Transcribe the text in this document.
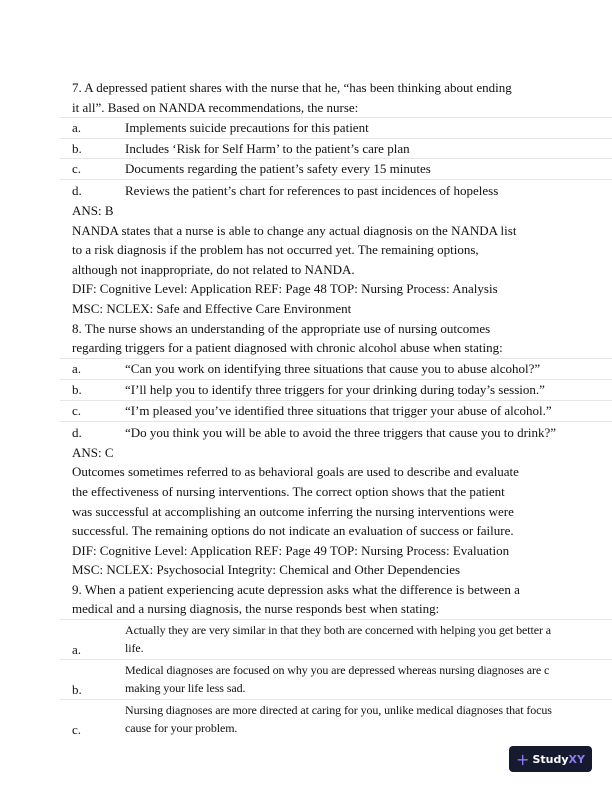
7. A depressed patient shares with the nurse that he, “has been thinking about ending
it all”. Based on NANDA recommendations, the nurse:
a.	Implements suicide precautions for this patient
b.	Includes ‘Risk for Self Harm’ to the patient’s care plan
c.	Documents regarding the patient’s safety every 15 minutes
d.	Reviews the patient’s chart for references to past incidences of hopeless
ANS: B
NANDA states that a nurse is able to change any actual diagnosis on the NANDA list
to a risk diagnosis if the problem has not occurred yet. The remaining options,
although not inappropriate, do not related to NANDA.
DIF: Cognitive Level: Application REF: Page 48 TOP: Nursing Process: Analysis
MSC: NCLEX: Safe and Effective Care Environment
8. The nurse shows an understanding of the appropriate use of nursing outcomes
regarding triggers for a patient diagnosed with chronic alcohol abuse when stating:
a.	“Can you work on identifying three situations that cause you to abuse alcohol?”
b.	“I’ll help you to identify three triggers for your drinking during today’s session.”
c.	“I’m pleased you’ve identified three situations that trigger your abuse of alcohol.”
d.	“Do you think you will be able to avoid the three triggers that cause you to drink?”
ANS: C
Outcomes sometimes referred to as behavioral goals are used to describe and evaluate
the effectiveness of nursing interventions. The correct option shows that the patient
was successful at accomplishing an outcome inferring the nursing interventions were
successful. The remaining options do not indicate an evaluation of success or failure.
DIF: Cognitive Level: Application REF: Page 49 TOP: Nursing Process: Evaluation
MSC: NCLEX: Psychosocial Integrity: Chemical and Other Dependencies
9. When a patient experiencing acute depression asks what the difference is between a
medical and a nursing diagnosis, the nurse responds best when stating:
a.
Actually they are very similar in that they both are concerned with helping you get better a
life.
b.
Medical diagnoses are focused on why you are depressed whereas nursing diagnoses are c
making your life less sad.
c.
Nursing diagnoses are more directed at caring for you, unlike medical diagnoses that focus
cause for your problem.
+ Study XY
